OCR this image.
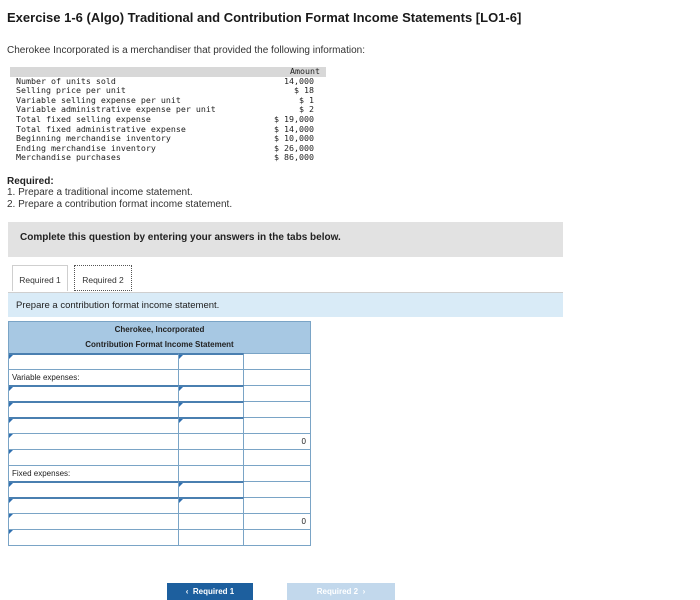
Exercise 1-6 (Algo) Traditional and Contribution Format Income Statements [LO1-6]
Cherokee Incorporated is a merchandiser that provided the following information:
	Amount
Number of units sold	14,000
Selling price per unit	$ 18
Variable selling expense per unit	$ 1
Variable administrative expense per unit	$ 2
Total fixed selling expense	$ 19,000
Total fixed administrative expense	$ 14,000
Beginning merchandise inventory	$ 10,000
Ending merchandise inventory	$ 26,000
Merchandise purchases	$ 86,000
Required:
1. Prepare a traditional income statement.
2. Prepare a contribution format income statement.
Complete this question by entering your answers in the tabs below.
Required 1	Required 2
Prepare a contribution format income statement.
Cherokee, Incorporated
Contribution Format Income Statement
Variable expenses:
0
Fixed expenses:
0
‹ Required 1	Required 2 ›
